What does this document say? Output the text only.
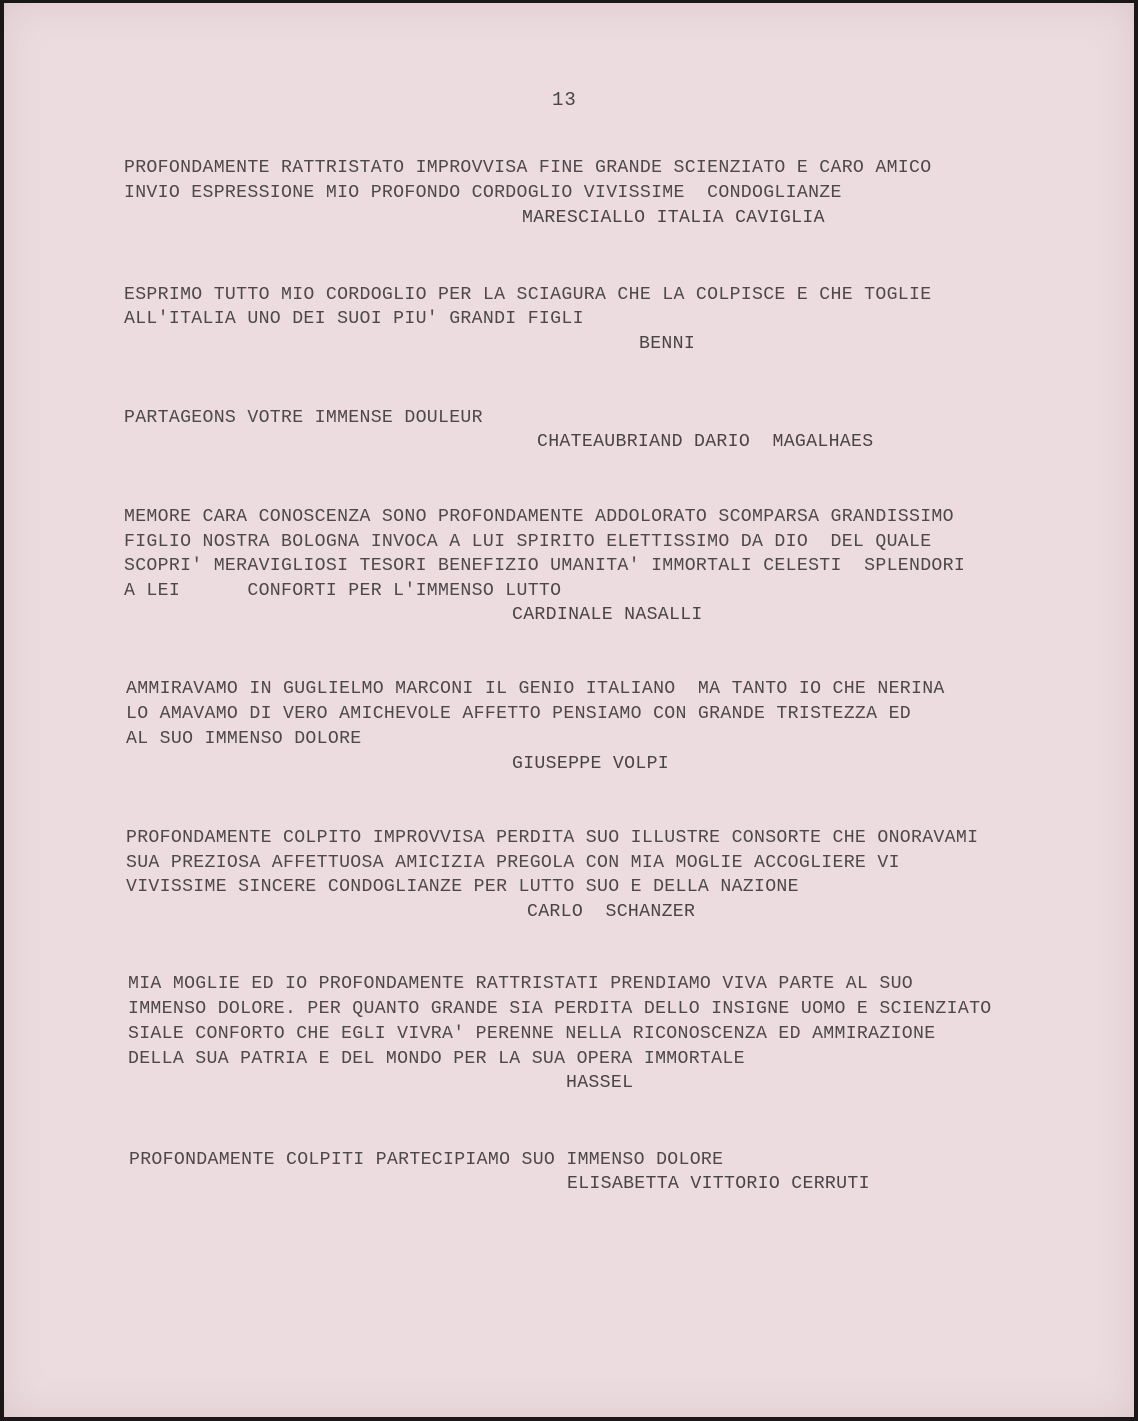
13
PROFONDAMENTE RATTRISTATO IMPROVVISA FINE GRANDE SCIENZIATO E CARO AMICO
INVIO ESPRESSIONE MIO PROFONDO CORDOGLIO VIVISSIME  CONDOGLIANZE
MARESCIALLO ITALIA CAVIGLIA
ESPRIMO TUTTO MIO CORDOGLIO PER LA SCIAGURA CHE LA COLPISCE E CHE TOGLIE
ALL'ITALIA UNO DEI SUOI PIU' GRANDI FIGLI
BENNI
PARTAGEONS VOTRE IMMENSE DOULEUR
CHATEAUBRIAND DARIO  MAGALHAES
MEMORE CARA CONOSCENZA SONO PROFONDAMENTE ADDOLORATO SCOMPARSA GRANDISSIMO
FIGLIO NOSTRA BOLOGNA INVOCA A LUI SPIRITO ELETTISSIMO DA DIO  DEL QUALE
SCOPRI' MERAVIGLIOSI TESORI BENEFIZIO UMANITA' IMMORTALI CELESTI  SPLENDORI
A LEI      CONFORTI PER L'IMMENSO LUTTO
CARDINALE NASALLI
AMMIRAVAMO IN GUGLIELMO MARCONI IL GENIO ITALIANO  MA TANTO IO CHE NERINA
LO AMAVAMO DI VERO AMICHEVOLE AFFETTO PENSIAMO CON GRANDE TRISTEZZA ED
AL SUO IMMENSO DOLORE
GIUSEPPE VOLPI
PROFONDAMENTE COLPITO IMPROVVISA PERDITA SUO ILLUSTRE CONSORTE CHE ONORAVAMI
SUA PREZIOSA AFFETTUOSA AMICIZIA PREGOLA CON MIA MOGLIE ACCOGLIERE VI
VIVISSIME SINCERE CONDOGLIANZE PER LUTTO SUO E DELLA NAZIONE
CARLO  SCHANZER
MIA MOGLIE ED IO PROFONDAMENTE RATTRISTATI PRENDIAMO VIVA PARTE AL SUO
IMMENSO DOLORE. PER QUANTO GRANDE SIA PERDITA DELLO INSIGNE UOMO E SCIENZIATO
SIALE CONFORTO CHE EGLI VIVRA' PERENNE NELLA RICONOSCENZA ED AMMIRAZIONE
DELLA SUA PATRIA E DEL MONDO PER LA SUA OPERA IMMORTALE
HASSEL
PROFONDAMENTE COLPITI PARTECIPIAMO SUO IMMENSO DOLORE
ELISABETTA VITTORIO CERRUTI
